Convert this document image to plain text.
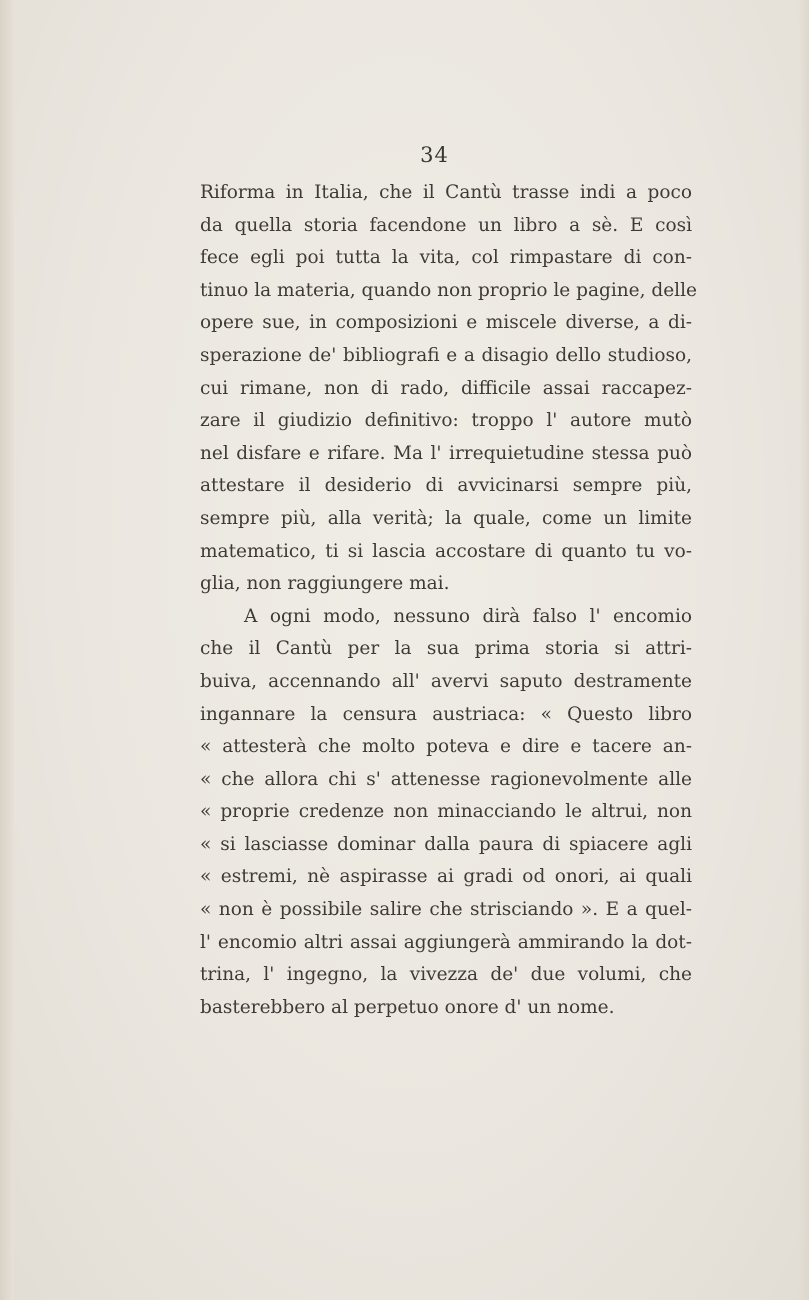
34
Riforma in Italia, che il Cantù trasse indi a poco
da quella storia facendone un libro a sè. E così
fece egli poi tutta la vita, col rimpastare di con-
tinuo la materia, quando non proprio le pagine, delle
opere sue, in composizioni e miscele diverse, a di-
sperazione de' bibliografi e a disagio dello studioso,
cui rimane, non di rado, difficile assai raccapez-
zare il giudizio definitivo: troppo l' autore mutò
nel disfare e rifare. Ma l' irrequietudine stessa può
attestare il desiderio di avvicinarsi sempre più,
sempre più, alla verità; la quale, come un limite
matematico, ti si lascia accostare di quanto tu vo-
glia, non raggiungere mai.
A ogni modo, nessuno dirà falso l' encomio
che il Cantù per la sua prima storia si attri-
buiva, accennando all' avervi saputo destramente
ingannare la censura austriaca: « Questo libro
« attesterà che molto poteva e dire e tacere an-
« che allora chi s' attenesse ragionevolmente alle
« proprie credenze non minacciando le altrui, non
« si lasciasse dominar dalla paura di spiacere agli
« estremi, nè aspirasse ai gradi od onori, ai quali
« non è possibile salire che strisciando ». E a quel-
l' encomio altri assai aggiungerà ammirando la dot-
trina, l' ingegno, la vivezza de' due volumi, che
basterebbero al perpetuo onore d' un nome.
